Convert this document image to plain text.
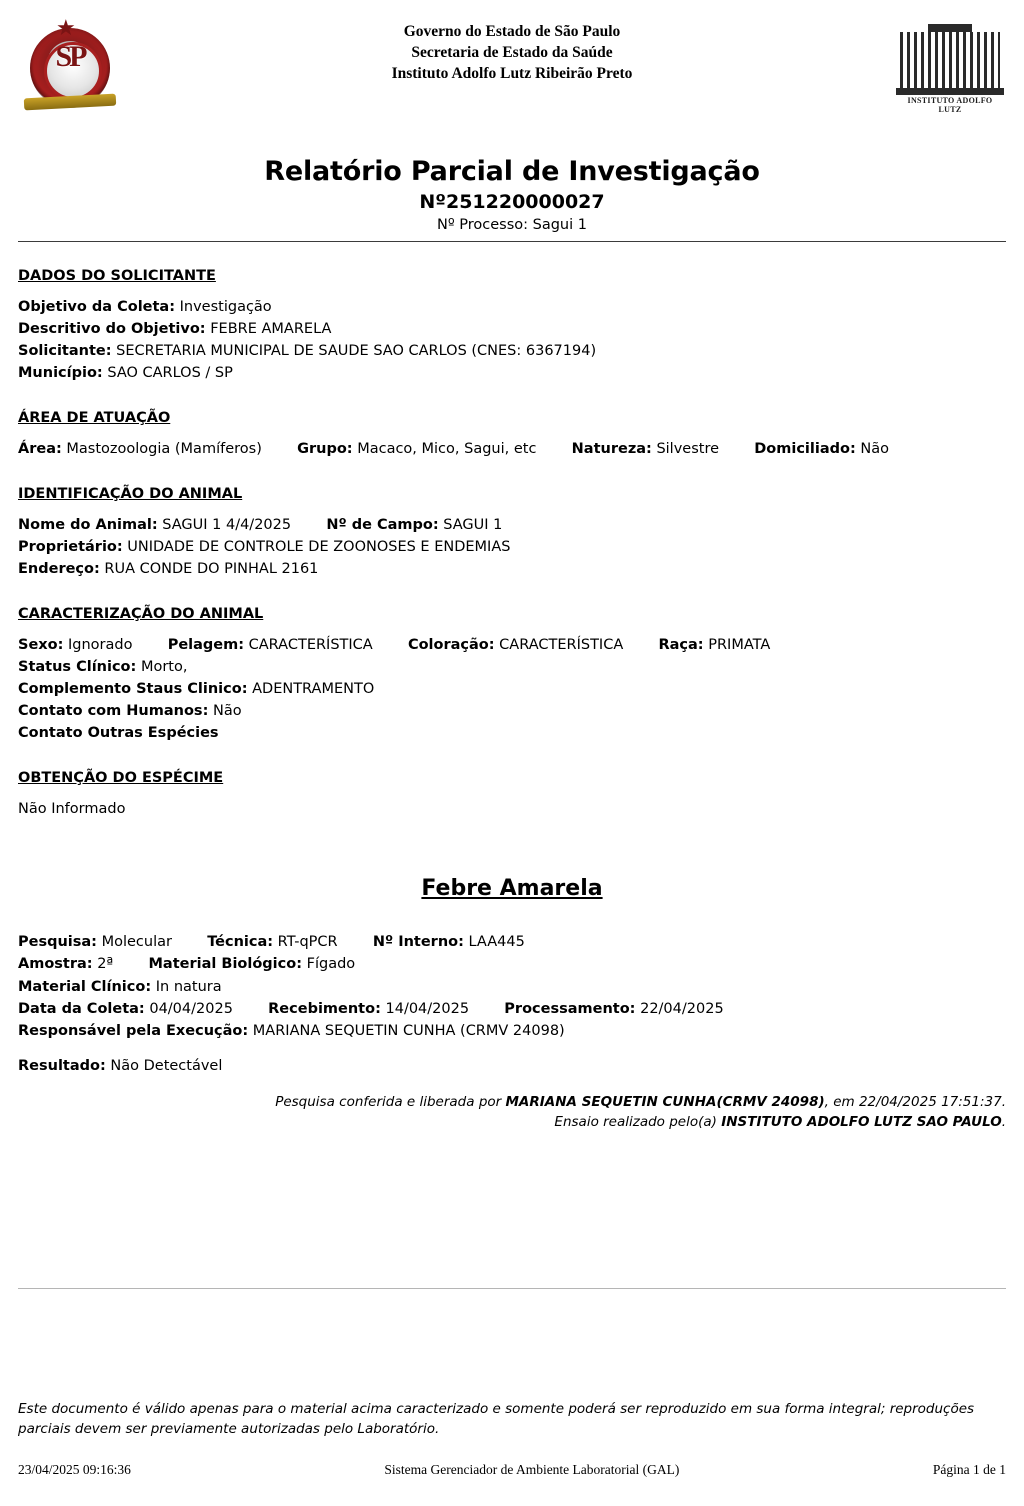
★
SP
Governo do Estado de São Paulo
Secretaria de Estado da Saúde
Instituto Adolfo Lutz Ribeirão Preto
INSTITUTO ADOLFO LUTZ
Relatório Parcial de Investigação
Nº251220000027
Nº Processo: Sagui 1
DADOS DO SOLICITANTE
Objetivo da Coleta: Investigação
Descritivo do Objetivo: FEBRE AMARELA
Solicitante: SECRETARIA MUNICIPAL DE SAUDE SAO CARLOS (CNES: 6367194)
Município: SAO CARLOS / SP
ÁREA DE ATUAÇÃO
Área: Mastozoologia (Mamíferos) Grupo: Macaco, Mico, Sagui, etc Natureza: Silvestre Domiciliado: Não
IDENTIFICAÇÃO DO ANIMAL
Nome do Animal: SAGUI 1 4/4/2025 Nº de Campo: SAGUI 1
Proprietário: UNIDADE DE CONTROLE DE ZOONOSES E ENDEMIAS
Endereço: RUA CONDE DO PINHAL 2161
CARACTERIZAÇÃO DO ANIMAL
Sexo: Ignorado Pelagem: CARACTERÍSTICA Coloração: CARACTERÍSTICA Raça: PRIMATA
Status Clínico: Morto,
Complemento Staus Clinico: ADENTRAMENTO
Contato com Humanos: Não
Contato Outras Espécies
OBTENÇÃO DO ESPÉCIME
Não Informado
Febre Amarela
Pesquisa: Molecular Técnica: RT-qPCR Nº Interno: LAA445
Amostra: 2ª Material Biológico: Fígado
Material Clínico: In natura
Data da Coleta: 04/04/2025 Recebimento: 14/04/2025 Processamento: 22/04/2025
Responsável pela Execução: MARIANA SEQUETIN CUNHA (CRMV 24098)
Resultado: Não Detectável
Pesquisa conferida e liberada por MARIANA SEQUETIN CUNHA(CRMV 24098), em 22/04/2025 17:51:37.
Ensaio realizado pelo(a) INSTITUTO ADOLFO LUTZ SAO PAULO.
Este documento é válido apenas para o material acima caracterizado e somente poderá ser reproduzido em sua forma integral; reproduções parciais devem ser previamente autorizadas pelo Laboratório.
23/04/2025 09:16:36	Sistema Gerenciador de Ambiente Laboratorial (GAL)	Página 1 de 1
